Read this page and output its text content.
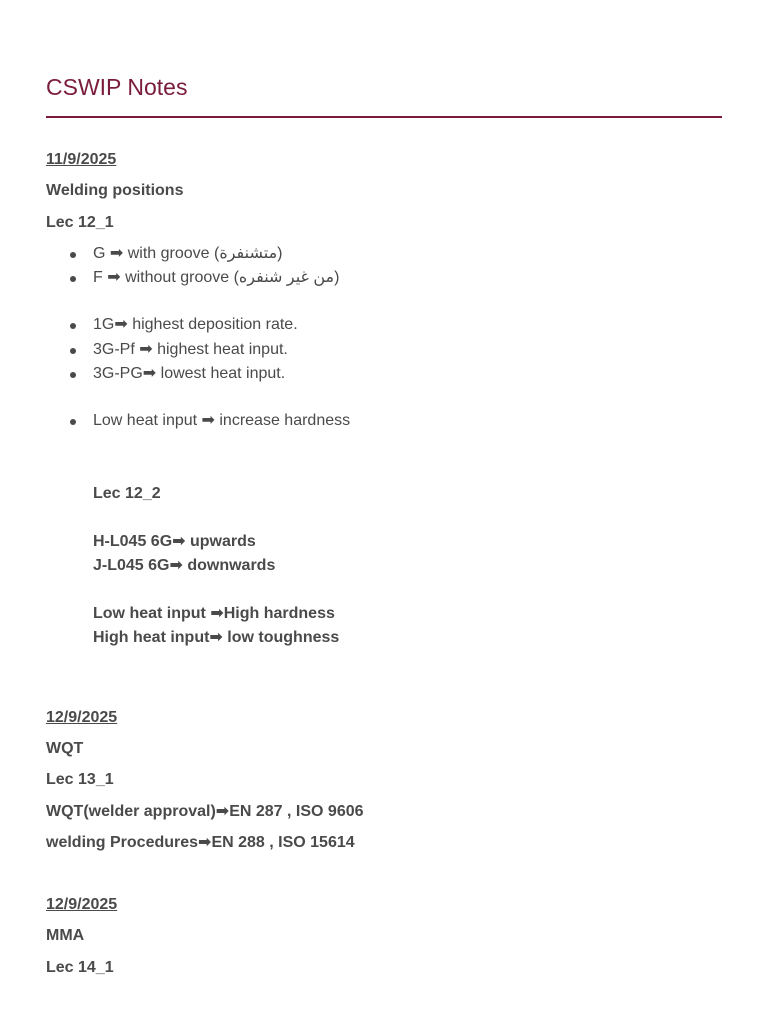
CSWIP Notes
11/9/2025
Welding positions
Lec 12_1
G ➡ with groove (متشنفرة)
F ➡ without groove (من غير شنفره)
1G➡ highest deposition rate.
3G-Pf ➡ highest heat input.
3G-PG➡ lowest heat input.
Low heat input ➡ increase hardness
Lec 12_2
H-L045 6G➡ upwards
J-L045 6G➡ downwards
Low heat input ➡High hardness
High heat input➡ low toughness
12/9/2025
WQT
Lec 13_1
WQT(welder approval)➡EN 287 , ISO 9606
welding Procedures➡EN 288 , ISO 15614
12/9/2025
MMA
Lec 14_1
